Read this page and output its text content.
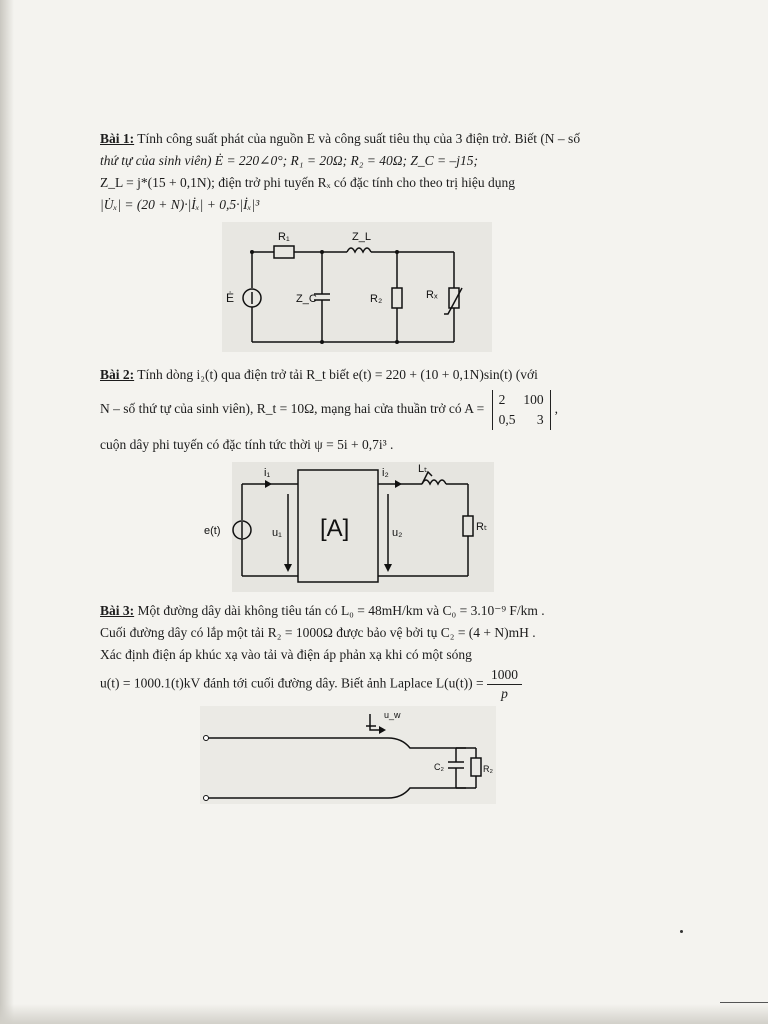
Bài 1: Tính công suất phát của nguồn E và công suất tiêu thụ của 3 điện trở. Biết (N – số
thứ tự của sinh viên) Ė = 220∠0°; R₁ = 20Ω; R₂ = 40Ω; Z_C = –j15;
Z_L = j*(15 + 0,1N); điện trở phi tuyến Rₓ có đặc tính cho theo trị hiệu dụng
|U̇ₓ| = (20 + N)·|İₓ| + 0,5·|İₓ|³
R₁	Z_L
Ė	Z_C	R₂	Rₓ
Bài 2: Tính dòng i₂(t) qua điện trở tải R_t biết e(t) = 220 + (10 + 0,1N)sin(t) (với
N – số thứ tự của sinh viên), R_t = 10Ω, mạng hai cửa thuần trở có A =
2 100
0,5 3
,
cuộn dây phi tuyến có đặc tính tức thời ψ = 5i + 0,7i³ .
i₁	i₂	Lₜ
e(t)	u₁ [A]	u₂	Rₜ
Bài 3: Một đường dây dài không tiêu tán có L₀ = 48mH/km và C₀ = 3.10⁻⁹ F/km .
Cuối đường dây có lắp một tải R₂ = 1000Ω được bảo vệ bởi tụ C₂ = (4 + N)mH .
Xác định điện áp khúc xạ vào tải và điện áp phản xạ khi có một sóng
u(t) = 1000.1(t)kV đánh tới cuối đường dây. Biết ảnh Laplace $L(u(t)) = \frac{1000}{p}$
u_w
C₂	R₂
